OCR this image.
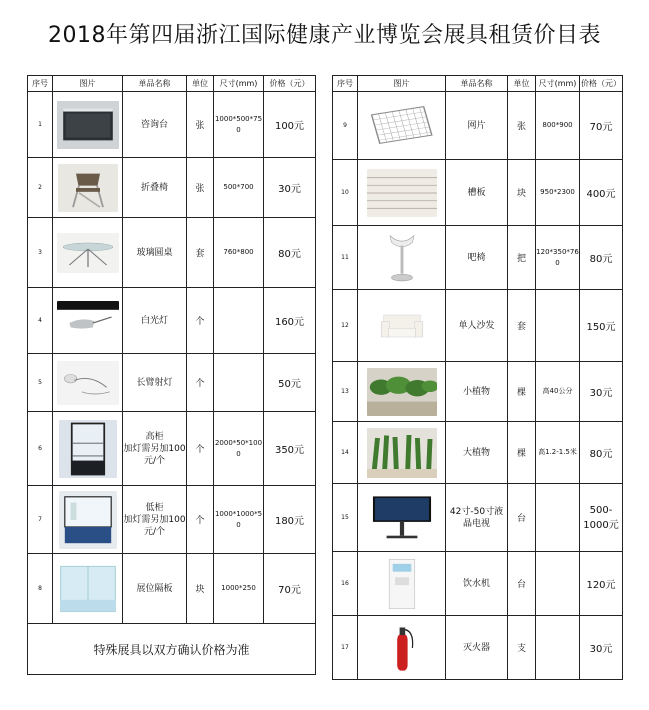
2018年第四届浙江国际健康产业博览会展具租赁价目表
序号	图片	单品名称	单位	尺寸(mm)	价格（元）
1		咨询台	张	1000*500*750	100元
2		折叠椅	张	500*700	30元
3		玻璃圆桌	套	760*800	80元
4		白光灯	个		160元
5		长臂射灯	个		50元
6		高柜
加灯需另加100元/个	个	2000*50*1000	350元
7		低柜
加灯需另加100元/个	个	1000*1000*50	180元
8		展位隔板	块	1000*250	70元
特殊展具以双方确认价格为准					
序号	图片	单品名称	单位	尺寸(mm)	价格（元）
9		网片	张	800*900	70元
10		槽板	块	950*2300	400元
11		吧椅	把	120*350*760	80元
12		单人沙发	套		150元
13		小植物	棵	高40公分	30元
14		大植物	棵	高1.2-1.5米	80元
15		42寸-50寸液晶电视	台		500-1000元
16		饮水机	台		120元
17		灭火器	支		30元
